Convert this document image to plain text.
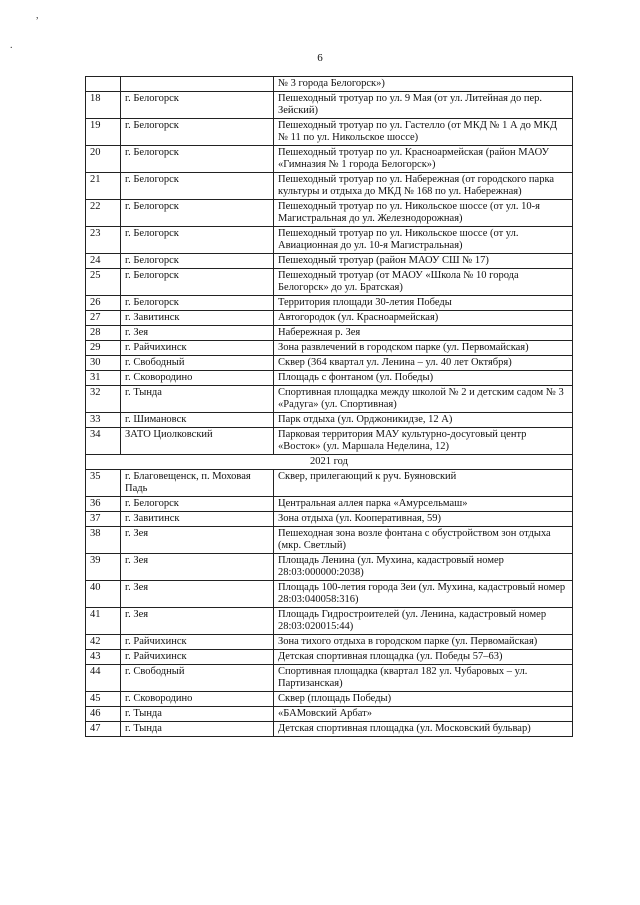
,
.
6
		№ 3 города Белогорск»)
18	г. Белогорск	Пешеходный тротуар по ул. 9 Мая (от ул. Литейная до пер. Зейский)
19	г. Белогорск	Пешеходный тротуар по ул. Гастелло (от МКД № 1 А до МКД № 11 по ул. Никольское шоссе)
20	г. Белогорск	Пешеходный тротуар по ул. Красноармейская (район МАОУ «Гимназия № 1 города Белогорск»)
21	г. Белогорск	Пешеходный тротуар по ул. Набережная (от городского парка культуры и отдыха до МКД № 168 по ул. Набережная)
22	г. Белогорск	Пешеходный тротуар по ул. Никольское шоссе (от ул. 10-я Магистральная до ул. Железнодорожная)
23	г. Белогорск	Пешеходный тротуар по ул. Никольское шоссе (от ул. Авиационная до ул. 10-я Магистральная)
24	г. Белогорск	Пешеходный тротуар (район МАОУ СШ № 17)
25	г. Белогорск	Пешеходный тротуар (от МАОУ «Школа № 10 города Белогорск» до ул. Братская)
26	г. Белогорск	Территория площади 30-летия Победы
27	г. Завитинск	Автогородок (ул. Красноармейская)
28	г. Зея	Набережная р. Зея
29	г. Райчихинск	Зона развлечений в городском парке (ул. Первомайская)
30	г. Свободный	Сквер (364 квартал ул. Ленина – ул. 40 лет Октября)
31	г. Сковородино	Площадь с фонтаном (ул. Победы)
32	г. Тында	Спортивная площадка между школой № 2 и детским садом № 3 «Радуга» (ул. Спортивная)
33	г. Шимановск	Парк отдыха (ул. Орджоникидзе, 12 А)
34	ЗАТО Циолковский	Парковая территория МАУ культурно-досуговый центр «Восток» (ул. Маршала Неделина, 12)
2021 год		
35	г. Благовещенск, п. Моховая Падь	Сквер, прилегающий к руч. Буяновский
36	г. Белогорск	Центральная аллея парка «Амурсельмаш»
37	г. Завитинск	Зона отдыха (ул. Кооперативная, 59)
38	г. Зея	Пешеходная зона возле фонтана с обустройством зон отдыха (мкр. Светлый)
39	г. Зея	Площадь Ленина (ул. Мухина, кадастровый номер 28:03:000000:2038)
40	г. Зея	Площадь 100-летия города Зеи (ул. Мухина, кадастровый номер 28:03:040058:316)
41	г. Зея	Площадь Гидростроителей (ул. Ленина, кадастровый номер 28:03:020015:44)
42	г. Райчихинск	Зона тихого отдыха в городском парке (ул. Первомайская)
43	г. Райчихинск	Детская спортивная площадка (ул. Победы 57–63)
44	г. Свободный	Спортивная площадка (квартал 182 ул. Чубаровых – ул. Партизанская)
45	г. Сковородино	Сквер (площадь Победы)
46	г. Тында	«БАМовский Арбат»
47	г. Тында	Детская спортивная площадка (ул. Московский бульвар)
